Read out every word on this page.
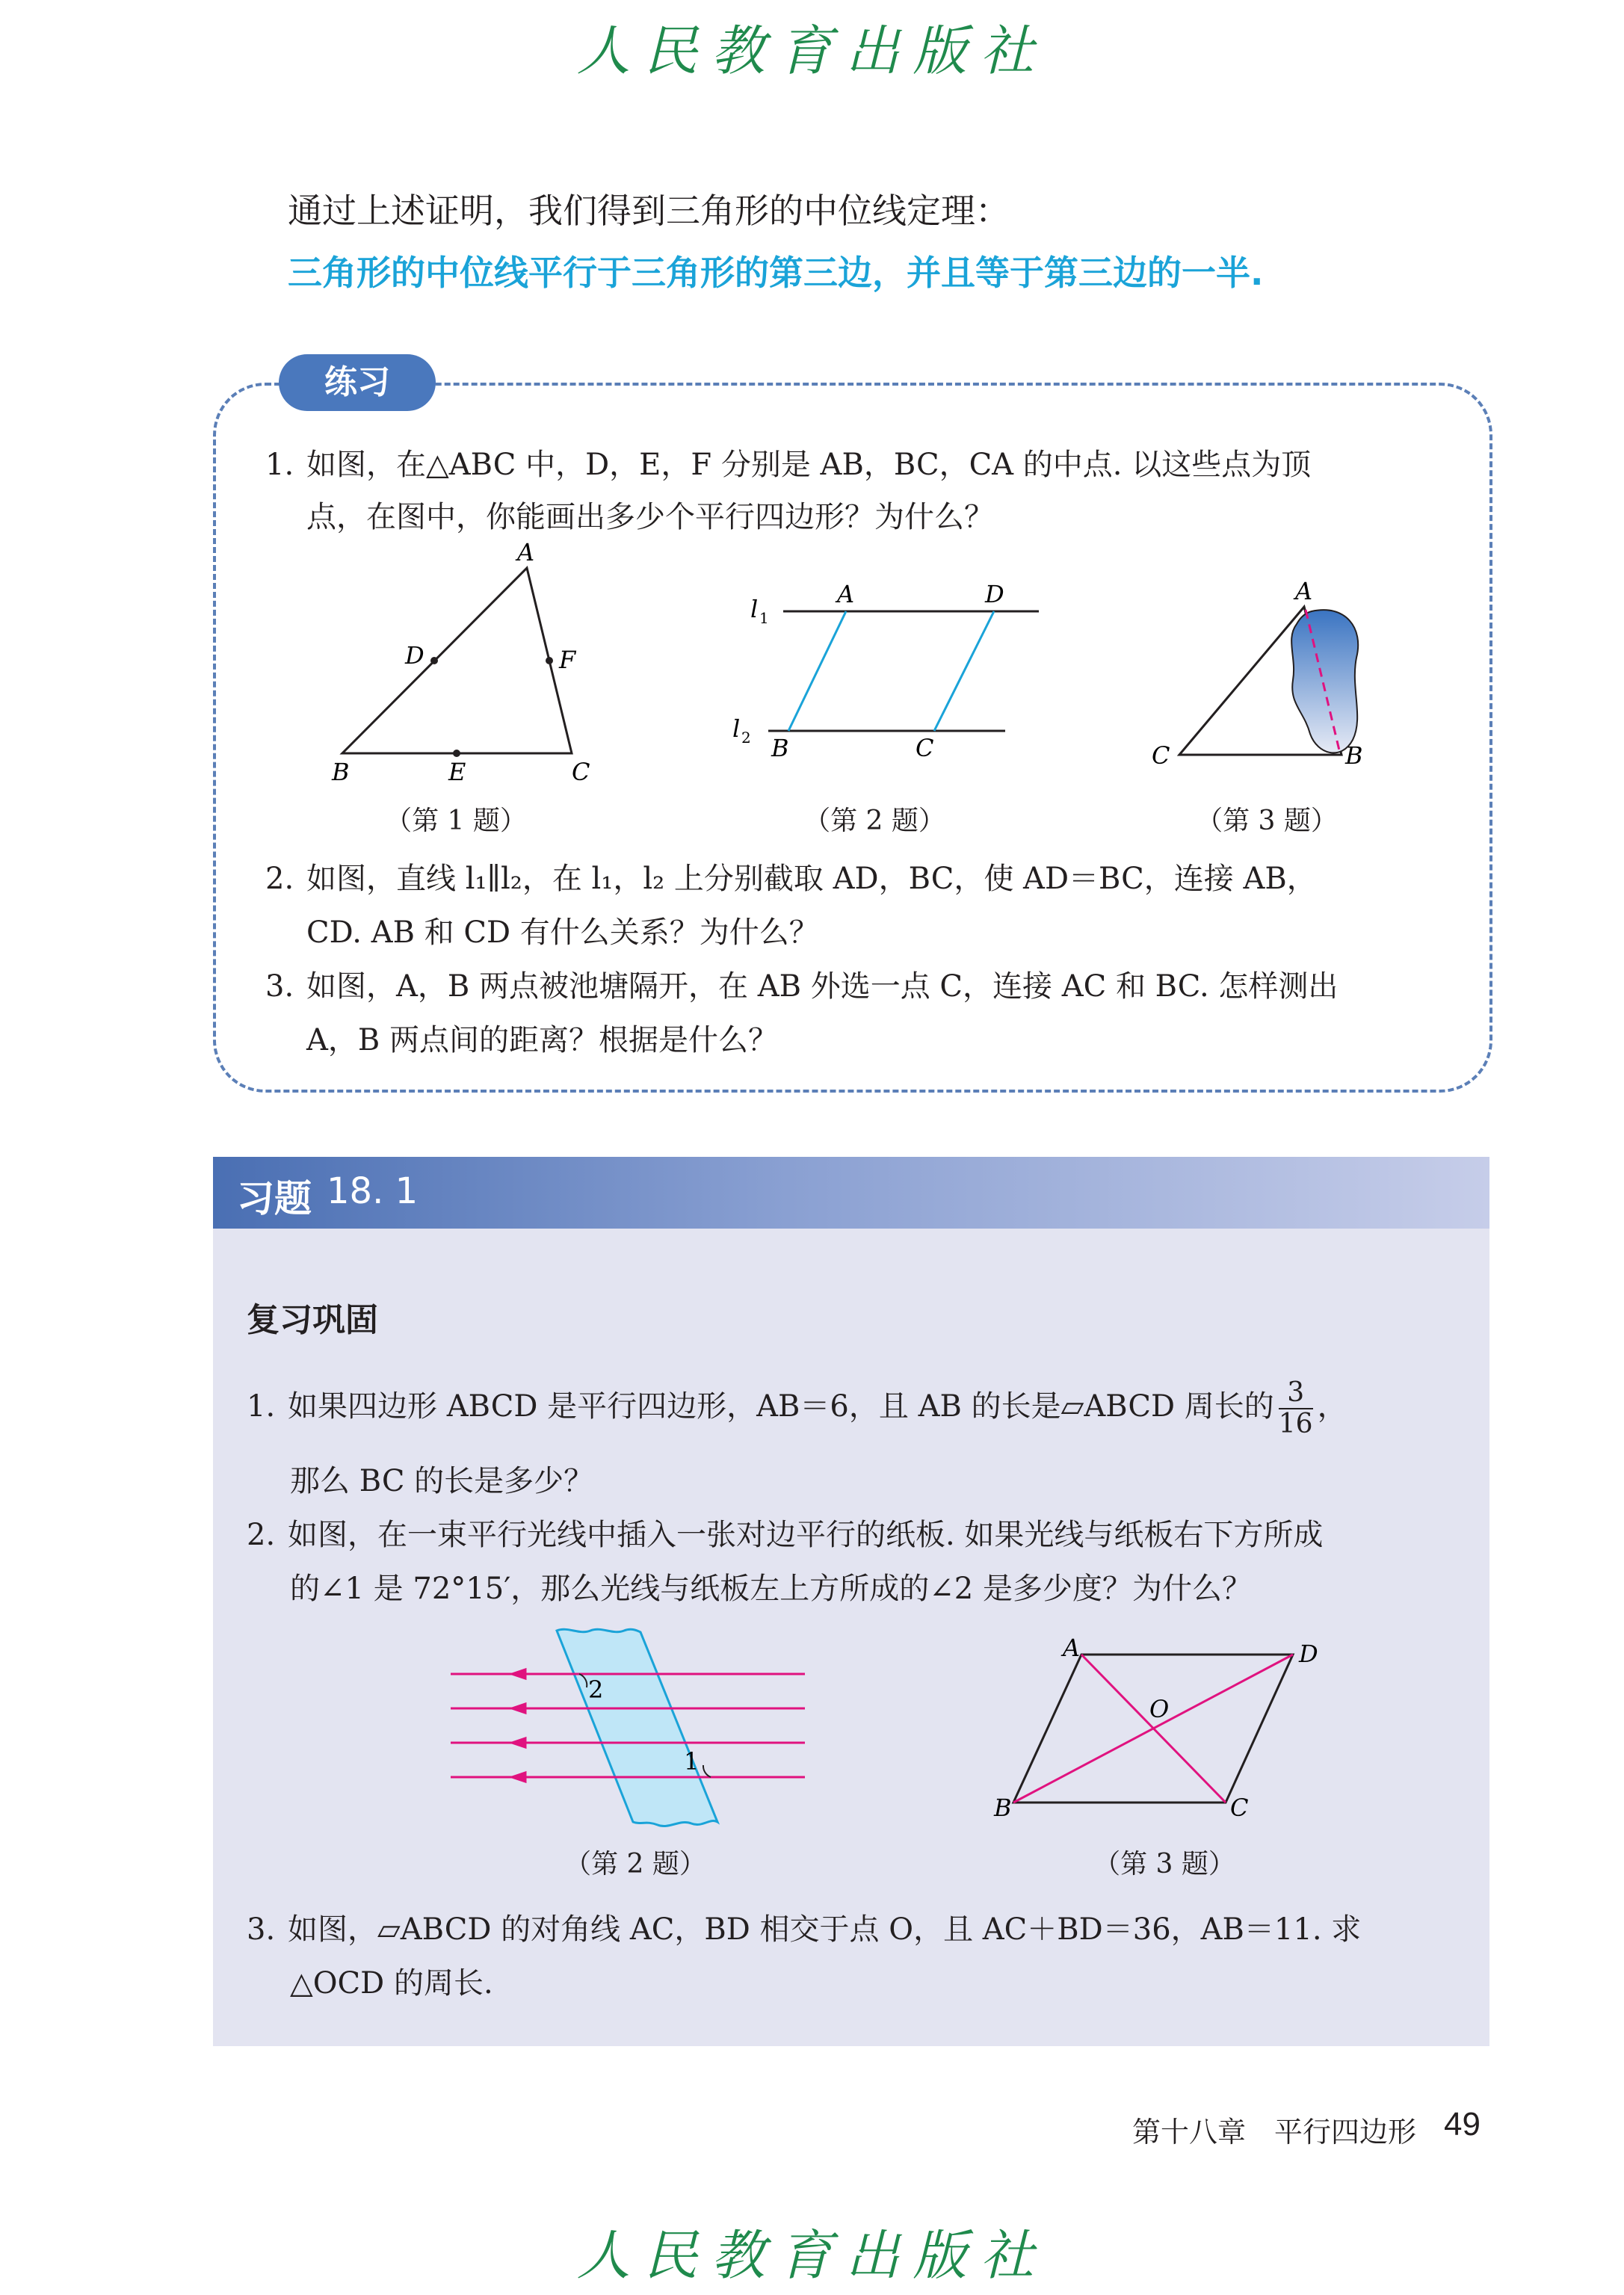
人民教育出版社
人民教育出版社
通过上述证明，我们得到三角形的中位线定理：
三角形的中位线平行于三角形的第三边，并且等于第三边的一半.
练习
1. 如图，在△ABC 中，D，E，F 分别是 AB，BC，CA 的中点. 以这些点为顶
点，在图中，你能画出多少个平行四边形？为什么？
A
D	F
B	E	C
l 1
l 2
A	D
B	C
A
C	B
（第 1 题）	（第 2 题）	（第 3 题）
2. 如图，直线 l₁∥l₂，在 l₁，l₂ 上分别截取 AD，BC，使 AD＝BC，连接 AB，
CD. AB 和 CD 有什么关系？为什么？
3. 如图，A，B 两点被池塘隔开，在 AB 外选一点 C，连接 AC 和 BC. 怎样测出
A，B 两点间的距离？根据是什么？
习题 18. 1
复习巩固
1. 如果四边形 ABCD 是平行四边形，AB＝6，且 AB 的长是▱ABCD 周长的 $\frac{3}{16}$ ，
那么 BC 的长是多少？
2. 如图，在一束平行光线中插入一张对边平行的纸板. 如果光线与纸板右下方所成
的∠1 是 72°15′，那么光线与纸板左上方所成的∠2 是多少度？为什么？
2
1
A	D
O
B	C
（第 2 题）	（第 3 题）
3. 如图，▱ABCD 的对角线 AC，BD 相交于点 O，且 AC＋BD＝36，AB＝11. 求
△OCD 的周长.
第十八章　平行四边形 49
